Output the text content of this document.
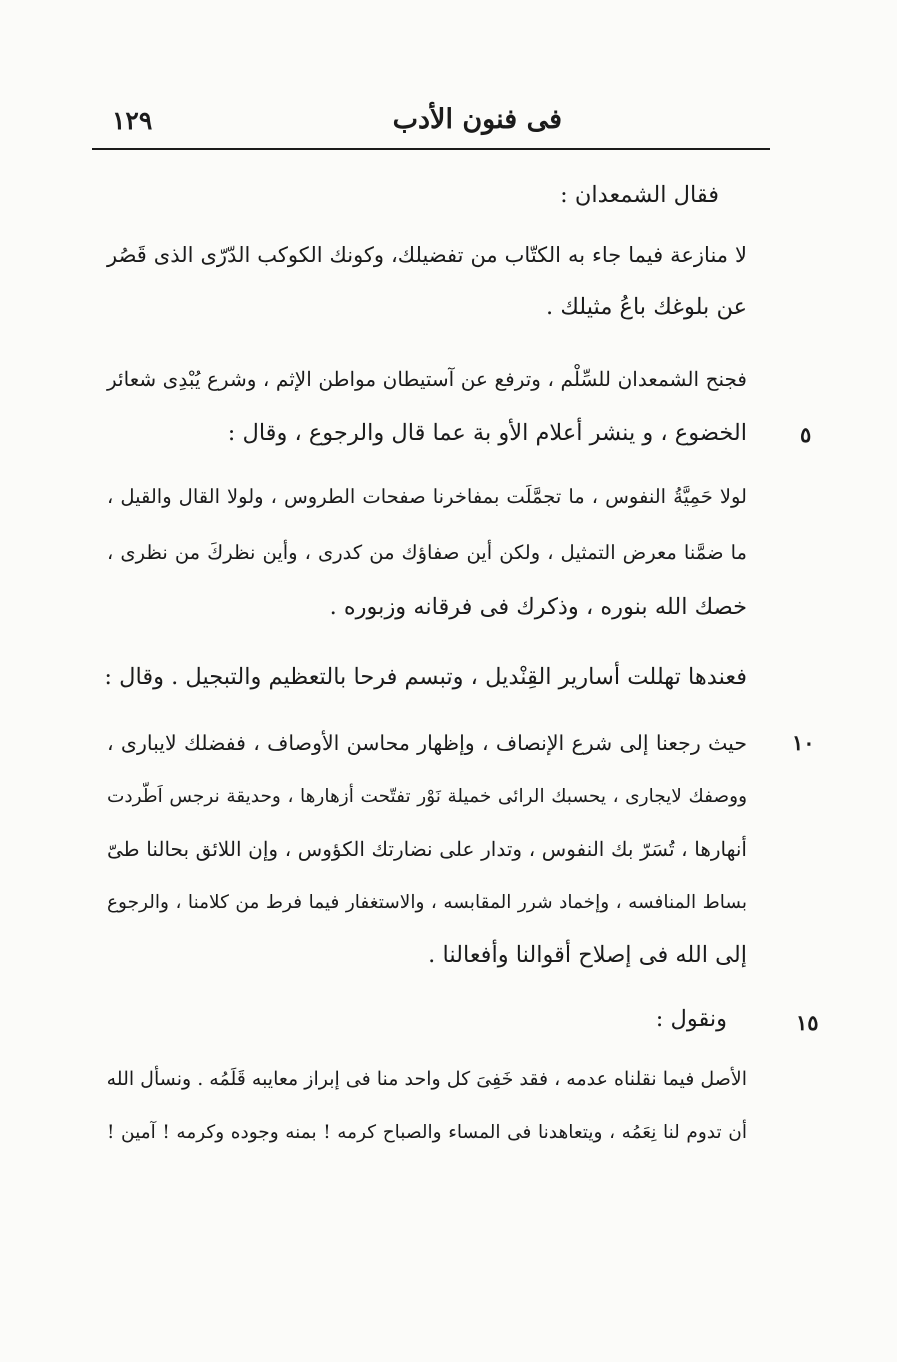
١٢٩	فى فنون الأدب
فقال الشمعدان :
لا منازعة فيما جاء به الكتّاب من تفضيلك، وكونك الكوكب الدّرّى الذى قَصُر
عن بلوغك باعُ مثيلك .
فجنح الشمعدان للسِّلْم ، وترفع عن آستيطان مواطن الإثم ، وشرع يُبْدِى شعائر
الخضوع ، و ينشر أعلام الأو بة عما قال والرجوع ، وقال :	٥
لولا حَمِيَّةُ النفوس ، ما تجمَّلَت بمفاخرنا صفحات الطروس ، ولولا القال والقيل ،
ما ضمَّنا معرض التمثيل ، ولكن أين صفاؤك من كدرى ، وأين نظركَ من نظرى ،
خصك الله بنوره ، وذكرك فى فرقانه وزبوره .
فعندها تهللت أسارير القِنْديل ، وتبسم فرحا بالتعظيم والتبجيل . وقال :
١٠
حيث رجعنا إلى شرع الإنصاف ، وإظهار محاسن الأوصاف ، ففضلك لايبارى ،
ووصفك لايجارى ، يحسبك الرائى خميلة نَوْر تفتّحت أزهارها ، وحديقة نرجس اَطّردت
أنهارها ، تُسَرّ بك النفوس ، وتدار على نضارتك الكؤوس ، وإن اللائق بحالنا طىّ
بساط المنافسه ، وإخماد شرر المقابسه ، والاستغفار فيما فرط من كلامنا ، والرجوع
إلى الله فى إصلاح أقوالنا وأفعالنا .
١٥
ونقول :
الأصل فيما نقلناه عدمه ، فقد خَفِىَ كل واحد منا فى إبراز معايبه قَلَمُه . ونسأل الله
أن تدوم لنا نِعَمُه ، ويتعاهدنا فى المساء والصباح كرمه ! بمنه وجوده وكرمه ! آمين !
